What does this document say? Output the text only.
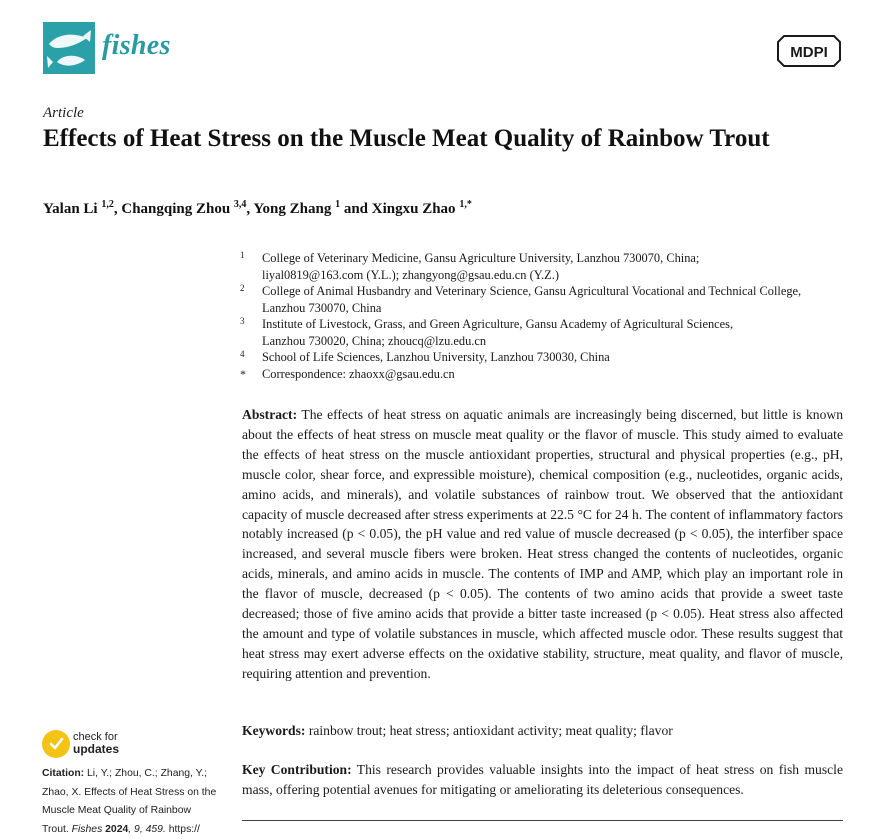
fishes	MDPI
Article
Effects of Heat Stress on the Muscle Meat Quality of Rainbow Trout
Yalan Li $^{1,2}$, Changqing Zhou $^{3,4}$, Yong Zhang $^1$ and Xingxu Zhao $^{1,*}$
1 College of Veterinary Medicine, Gansu Agriculture University, Lanzhou 730070, China;
liyal0819@163.com (Y.L.); zhangyong@gsau.edu.cn (Y.Z.)
2 College of Animal Husbandry and Veterinary Science, Gansu Agricultural Vocational and Technical College,
Lanzhou 730070, China
3 Institute of Livestock, Grass, and Green Agriculture, Gansu Academy of Agricultural Sciences,
Lanzhou 730020, China; zhoucq@lzu.edu.cn
4 School of Life Sciences, Lanzhou University, Lanzhou 730030, China
* Correspondence: zhaoxx@gsau.edu.cn
Abstract: The effects of heat stress on aquatic animals are increasingly being discerned, but little is known about the effects of heat stress on muscle meat quality or the flavor of muscle. This study aimed to evaluate the effects of heat stress on the muscle antioxidant properties, structural and physical properties (e.g., pH, muscle color, shear force, and expressible moisture), chemical composition (e.g., nucleotides, organic acids, amino acids, and minerals), and volatile substances of rainbow trout. We observed that the antioxidant capacity of muscle decreased after stress experiments at 22.5 °C for 24 h. The content of inflammatory factors notably increased (p < 0.05), the pH value and red value of muscle decreased (p < 0.05), the interfiber space increased, and several muscle fibers were broken. Heat stress changed the contents of nucleotides, organic acids, minerals, and amino acids in muscle. The contents of IMP and AMP, which play an important role in the flavor of muscle, decreased (p < 0.05). The contents of two amino acids that provide a sweet taste decreased; those of five amino acids that provide a bitter taste increased (p < 0.05). Heat stress also affected the amount and type of volatile substances in muscle, which affected muscle odor. These results suggest that heat stress may exert adverse effects on the oxidative stability, structure, meat quality, and flavor of muscle, requiring attention and prevention.
Keywords: rainbow trout; heat stress; antioxidant activity; meat quality; flavor
Key Contribution: This research provides valuable insights into the impact of heat stress on fish muscle mass, offering potential avenues for mitigating or ameliorating its deleterious consequences.
check for
updates
Citation: Li, Y.; Zhou, C.; Zhang, Y.; Zhao, X. Effects of Heat Stress on the Muscle Meat Quality of Rainbow Trout. Fishes 2024, 9, 459. https://
